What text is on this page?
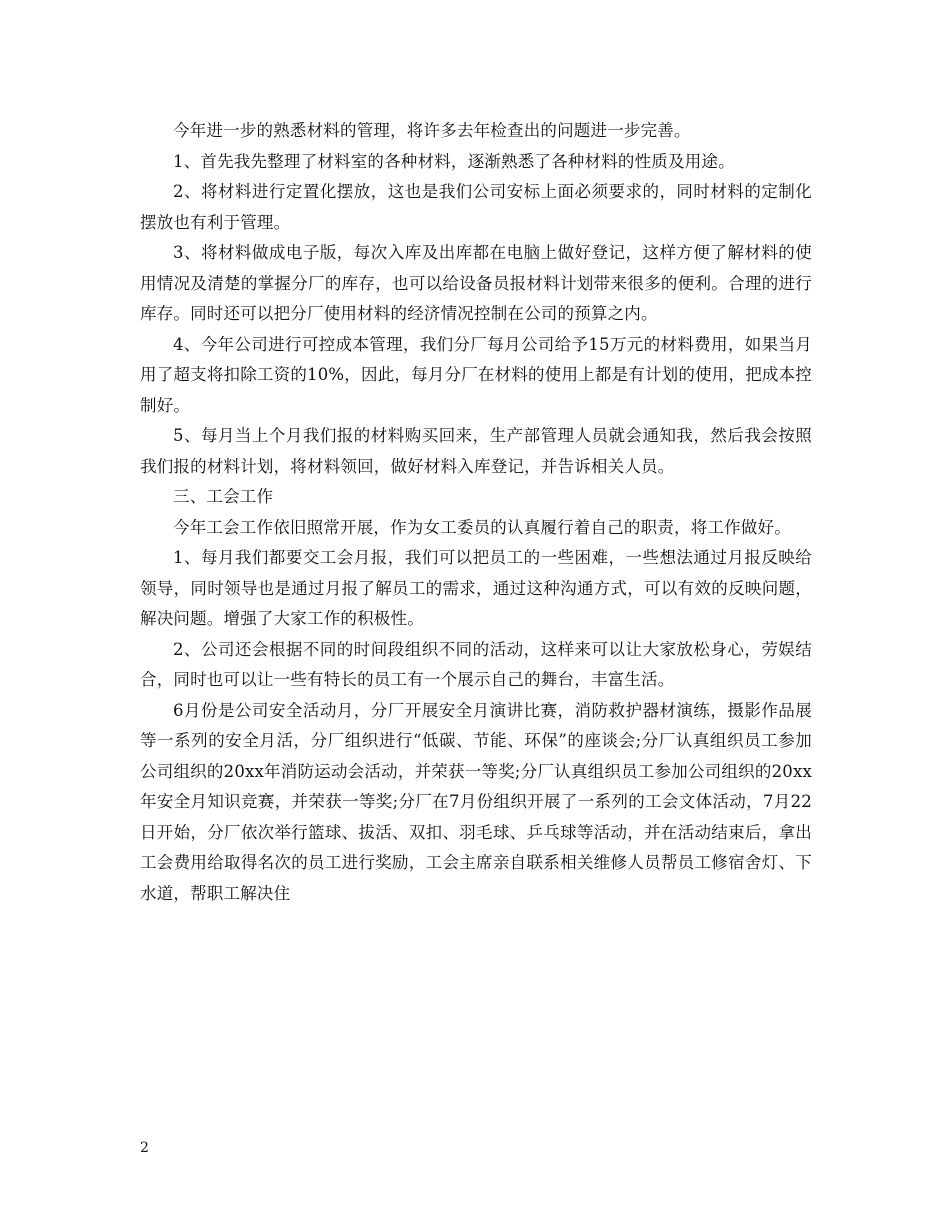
今年进一步的熟悉材料的管理，将许多去年检查出的问题进一步完善。

1、首先我先整理了材料室的各种材料，逐渐熟悉了各种材料的性质及用途。

2、将材料进行定置化摆放，这也是我们公司安标上面必须要求的，同时材料的定制化摆放也有利于管理。

3、将材料做成电子版，每次入库及出库都在电脑上做好登记，这样方便了解材料的使用情况及清楚的掌握分厂的库存，也可以给设备员报材料计划带来很多的便利。合理的进行库存。同时还可以把分厂使用材料的经济情况控制在公司的预算之内。

4、今年公司进行可控成本管理，我们分厂每月公司给予15万元的材料费用，如果当月用了超支将扣除工资的10%，因此，每月分厂在材料的使用上都是有计划的使用，把成本控制好。

5、每月当上个月我们报的材料购买回来，生产部管理人员就会通知我，然后我会按照我们报的材料计划，将材料领回，做好材料入库登记，并告诉相关人员。

三、工会工作

今年工会工作依旧照常开展，作为女工委员的认真履行着自己的职责，将工作做好。

1、每月我们都要交工会月报，我们可以把员工的一些困难，一些想法通过月报反映给领导，同时领导也是通过月报了解员工的需求，通过这种沟通方式，可以有效的反映问题，解决问题。增强了大家工作的积极性。

2、公司还会根据不同的时间段组织不同的活动，这样来可以让大家放松身心，劳娱结合，同时也可以让一些有特长的员工有一个展示自己的舞台，丰富生活。

6月份是公司安全活动月，分厂开展安全月演讲比赛，消防救护器材演练，摄影作品展等一系列的安全月活，分厂组织进行“低碳、节能、环保”的座谈会;分厂认真组织员工参加公司组织的20xx年消防运动会活动，并荣获一等奖;分厂认真组织员工参加公司组织的20xx年安全月知识竞赛，并荣获一等奖;分厂在7月份组织开展了一系列的工会文体活动，7月22日开始，分厂依次举行篮球、拔活、双扣、羽毛球、乒乓球等活动，并在活动结束后，拿出工会费用给取得名次的员工进行奖励，工会主席亲自联系相关维修人员帮员工修宿舍灯、下水道，帮职工解决住

2
